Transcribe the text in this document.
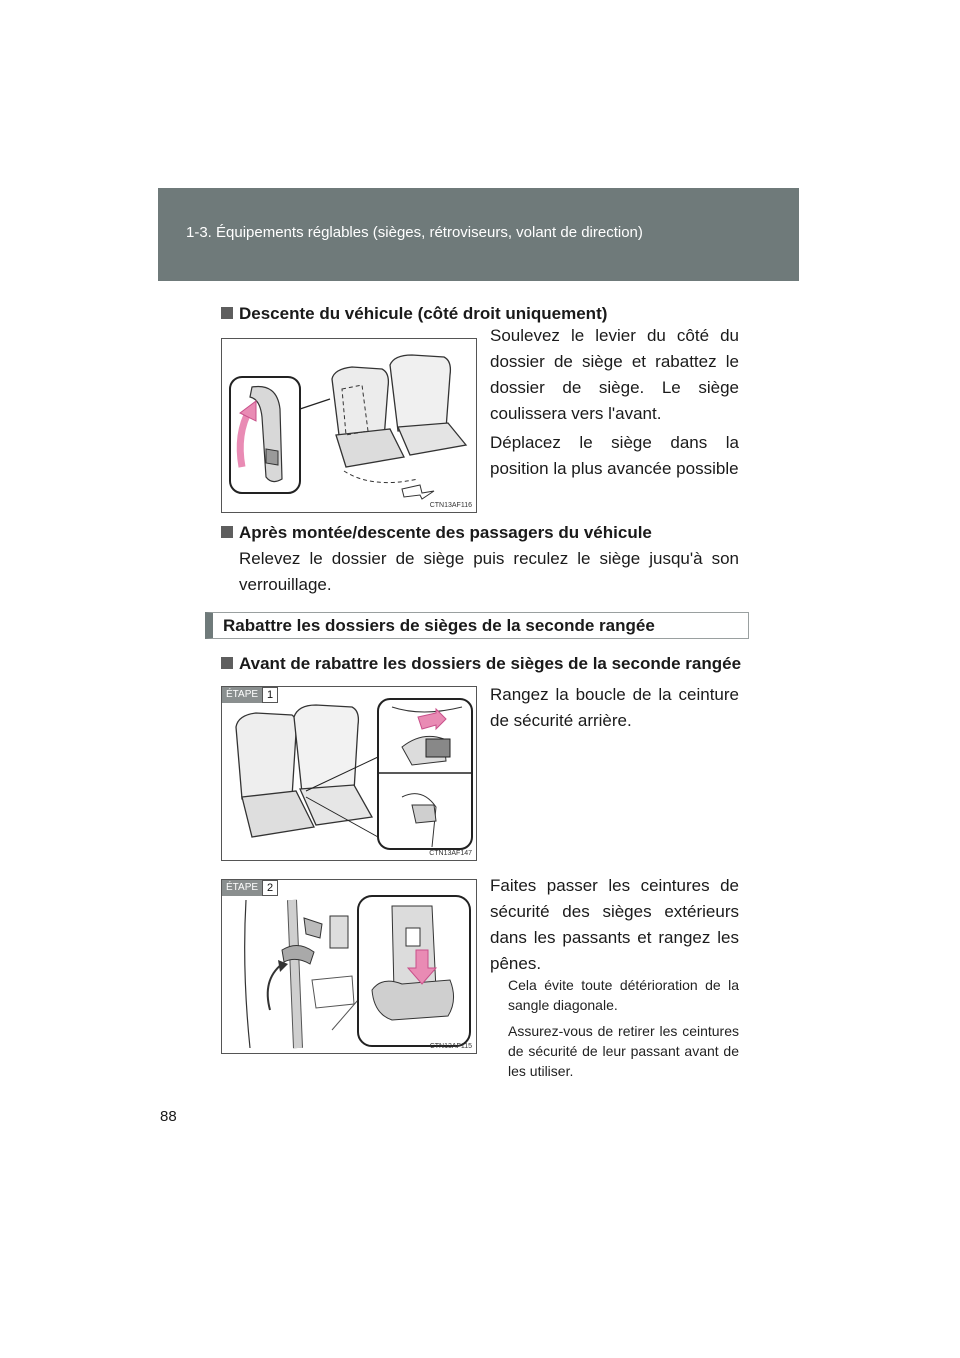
1-3. Équipements réglables (sièges, rétroviseurs, volant de direction)
Descente du véhicule (côté droit uniquement)
CTN13AF116
Soulevez le levier du côté du dossier de siège et rabattez le dossier de siège. Le siège coulissera vers l'avant.
Déplacez le siège dans la position la plus avancée possible
Après montée/descente des passagers du véhicule
Relevez le dossier de siège puis reculez le siège jusqu'à son verrouillage.
Rabattre les dossiers de sièges de la seconde rangée
Avant de rabattre les dossiers de sièges de la seconde rangée
ÉTAPE 1
CTN13AF147
Rangez la boucle de la ceinture de sécurité arrière.
ÉTAPE 2
CTN13AF115
Faites passer les ceintures de sécurité des sièges extérieurs dans les passants et rangez les pênes.
Cela évite toute détérioration de la sangle diagonale.
Assurez-vous de retirer les ceintures de sécurité de leur passant avant de les utiliser.
88
